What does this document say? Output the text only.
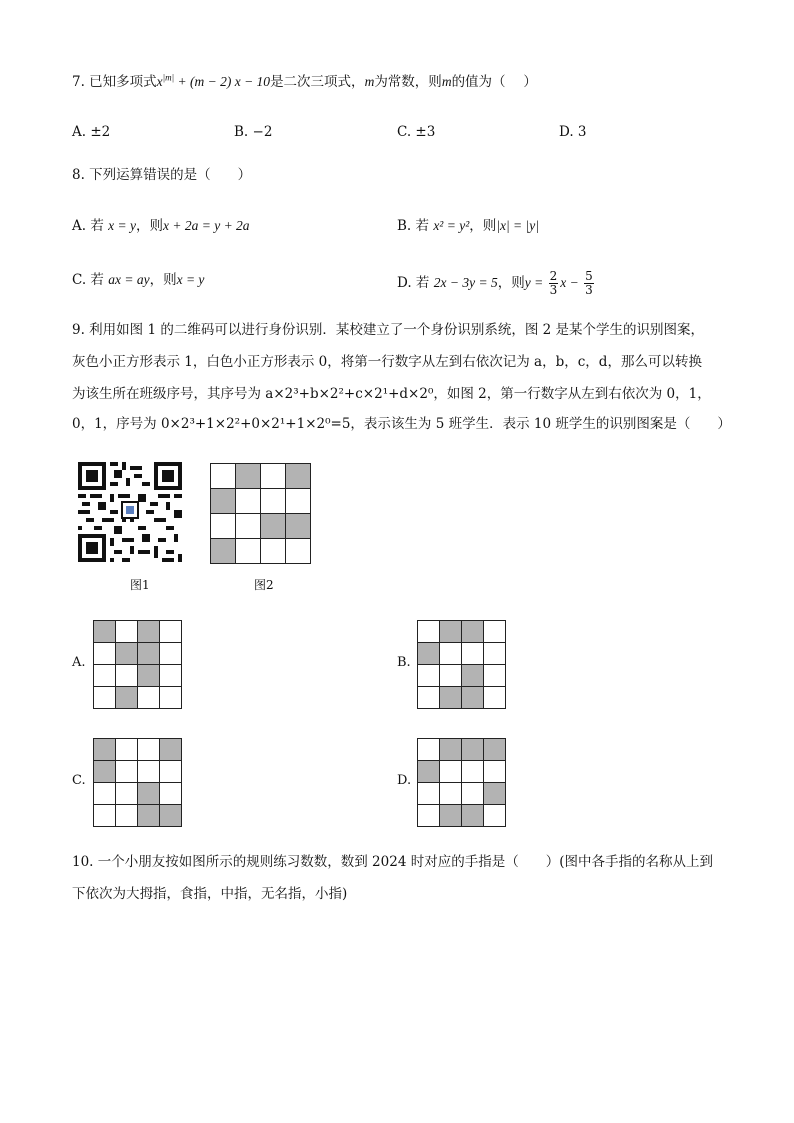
7. 已知多项式$x^{|m|} + (m - 2) x - 10$是二次三项式，m为常数，则m的值为（　 ）
A. ±2	B. −2	C. ±3	D. 3
8. 下列运算错误的是（　　）
A. 若 x = y，则x + 2a = y + 2a	B. 若 x² = y²，则|x| = |y|
C. 若 ax = ay，则x = y	D. 若 2x − 3y = 5，则$y = \frac{2}{3}$ $x - \frac{5}{3}$
9. 利用如图 1 的二维码可以进行身份识别．某校建立了一个身份识别系统，图 2 是某个学生的识别图案，
灰色小正方形表示 1，白色小正方形表示 0，将第一行数字从左到右依次记为 a，b，c，d，那么可以转换
为该生所在班级序号，其序号为 a×2³+b×2²+c×2¹+d×2⁰，如图 2，第一行数字从左到右依次为 0，1，
0，1，序号为 0×2³+1×2²+0×2¹+1×2⁰=5，表示该生为 5 班学生．表示 10 班学生的识别图案是（　　）
图1

				图2
A.

				B.

C.

				D.

10. 一个小朋友按如图所示的规则练习数数，数到 2024 时对应的手指是（　　）(图中各手指的名称从上到
下依次为大拇指，食指，中指，无名指，小指)
